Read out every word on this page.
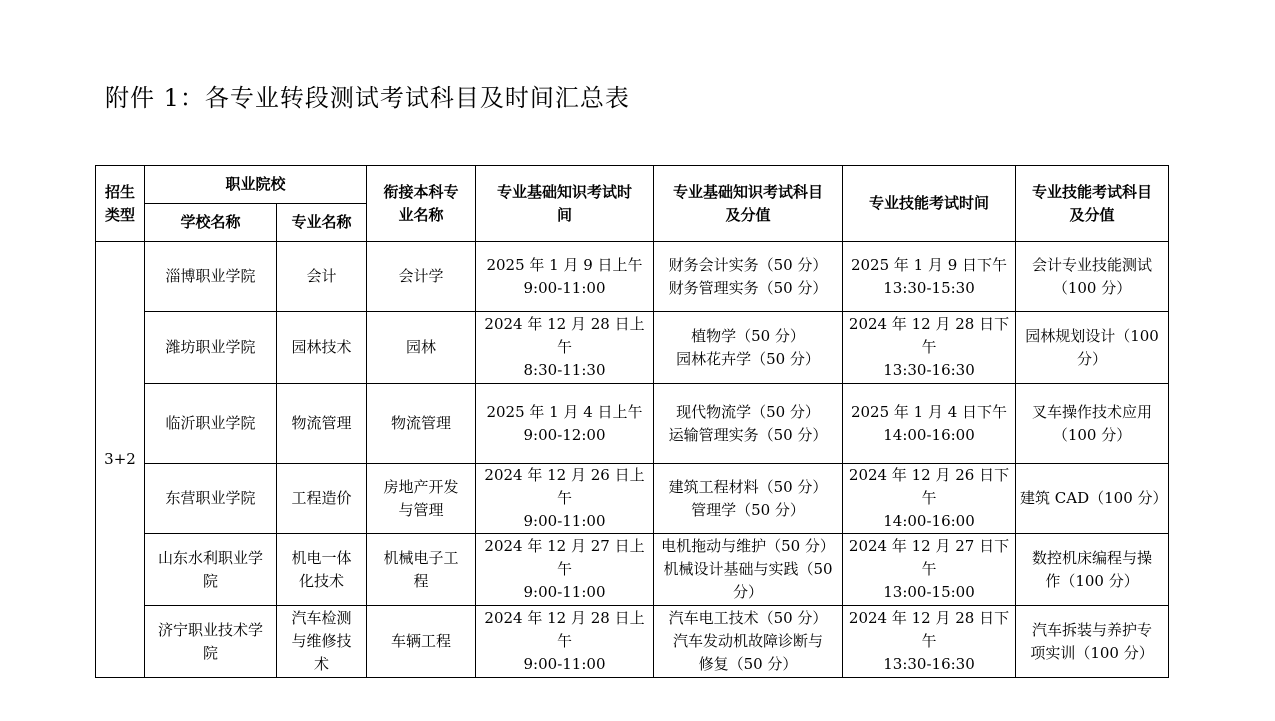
附件 1：各专业转段测试考试科目及时间汇总表
招生
类型	职业院校		衔接本科专
业名称	专业基础知识考试时
间	专业基础知识考试科目
及分值	专业技能考试时间	专业技能考试科目
及分值

	学校名称	专业名称					
3+2	淄博职业学院	会计	会计学	2025 年 1 月 9 日上午
9:00-11:00	财务会计实务（50 分）
财务管理实务（50 分）	2025 年 1 月 9 日下午
13:30-15:30	会计专业技能测试
（100 分）

	潍坊职业学院	园林技术	园林	2024 年 12 月 28 日上午
8:30-11:30	植物学（50 分）
园林花卉学（50 分）	2024 年 12 月 28 日下午
13:30-16:30	园林规划设计（100
分）

	临沂职业学院	物流管理	物流管理	2025 年 1 月 4 日上午
9:00-12:00	现代物流学（50 分）
运输管理实务（50 分）	2025 年 1 月 4 日下午
14:00-16:00	叉车操作技术应用
（100 分）

	东营职业学院	工程造价	房地产开发
与管理	2024 年 12 月 26 日上午
9:00-11:00	建筑工程材料（50 分）
管理学（50 分）	2024 年 12 月 26 日下午
14:00-16:00	建筑 CAD（100 分）

	山东水利职业学
院	机电一体
化技术	机械电子工
程	2024 年 12 月 27 日上午
9:00-11:00	电机拖动与维护（50 分）
机械设计基础与实践（50
分）	2024 年 12 月 27 日下午
13:00-15:00	数控机床编程与操
作（100 分）

	济宁职业技术学
院	汽车检测
与维修技
术	车辆工程	2024 年 12 月 28 日上午
9:00-11:00	汽车电工技术（50 分）
汽车发动机故障诊断与
修复（50 分）	2024 年 12 月 28 日下午
13:30-16:30	汽车拆装与养护专
项实训（100 分）
